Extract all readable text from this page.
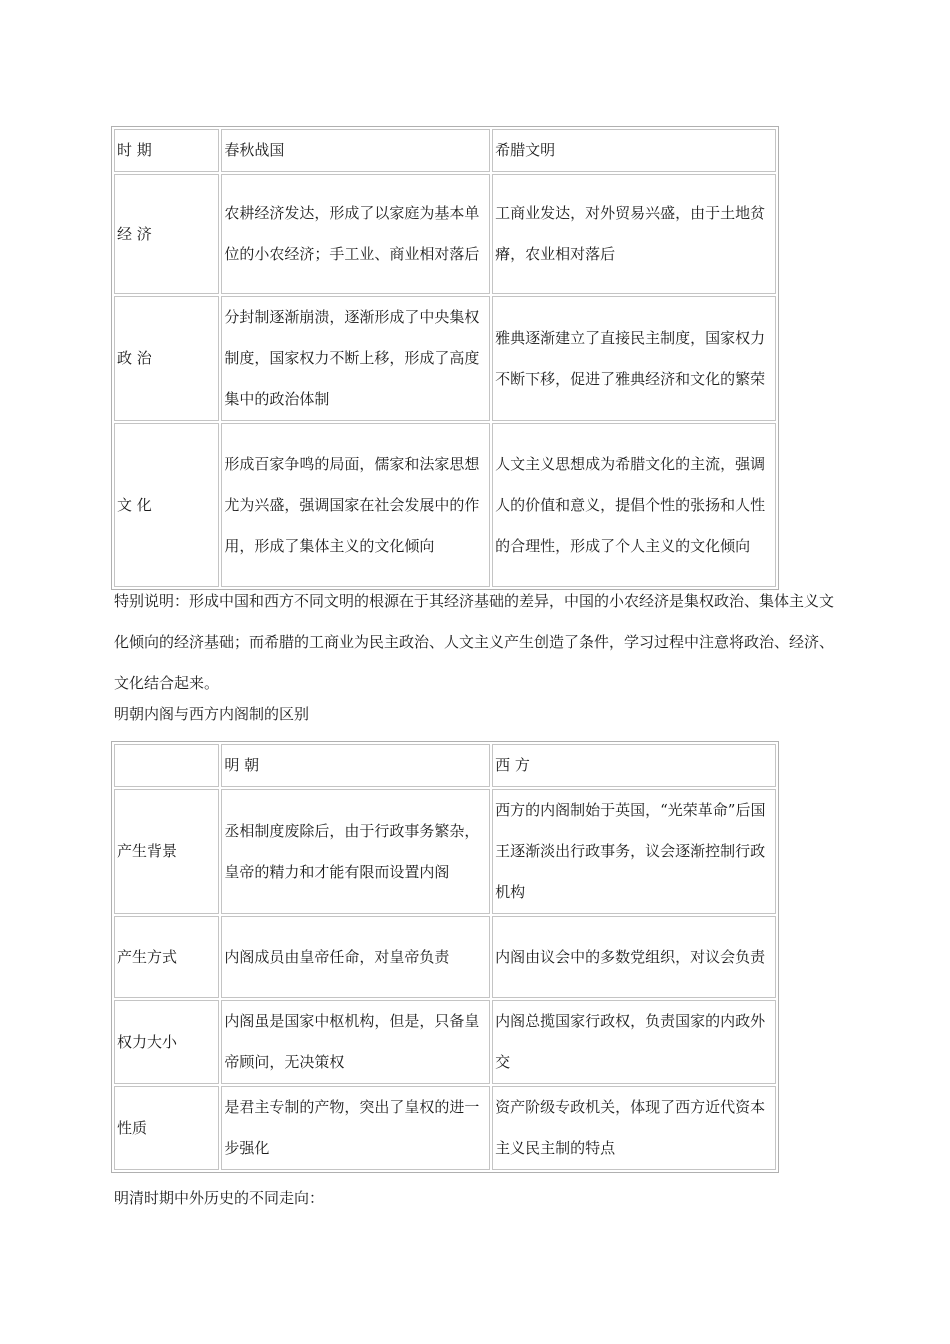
时 期	春秋战国	希腊文明
经 济	农耕经济发达，形成了以家庭为基本单位的小农经济；手工业、商业相对落后	工商业发达，对外贸易兴盛，由于土地贫瘠，农业相对落后
政 治	分封制逐渐崩溃，逐渐形成了中央集权制度，国家权力不断上移，形成了高度集中的政治体制	雅典逐渐建立了直接民主制度，国家权力不断下移，促进了雅典经济和文化的繁荣
文 化	形成百家争鸣的局面，儒家和法家思想尤为兴盛，强调国家在社会发展中的作用，形成了集体主义的文化倾向	人文主义思想成为希腊文化的主流，强调人的价值和意义，提倡个性的张扬和人性的合理性，形成了个人主义的文化倾向

特别说明：形成中国和西方不同文明的根源在于其经济基础的差异，中国的小农经济是集权政治、集体主义文化倾向的经济基础；而希腊的工商业为民主政治、人文主义产生创造了条件，学习过程中注意将政治、经济、文化结合起来。

明朝内阁与西方内阁制的区别

	明 朝	西 方
产生背景	丞相制度废除后，由于行政事务繁杂，皇帝的精力和才能有限而设置内阁	西方的内阁制始于英国，“光荣革命”后国王逐渐淡出行政事务，议会逐渐控制行政机构
产生方式	内阁成员由皇帝任命，对皇帝负责	内阁由议会中的多数党组织，对议会负责
权力大小	内阁虽是国家中枢机构，但是，只备皇帝顾问，无决策权	内阁总揽国家行政权，负责国家的内政外交
性质	是君主专制的产物，突出了皇权的进一步强化	资产阶级专政机关，体现了西方近代资本主义民主制的特点

明清时期中外历史的不同走向：
